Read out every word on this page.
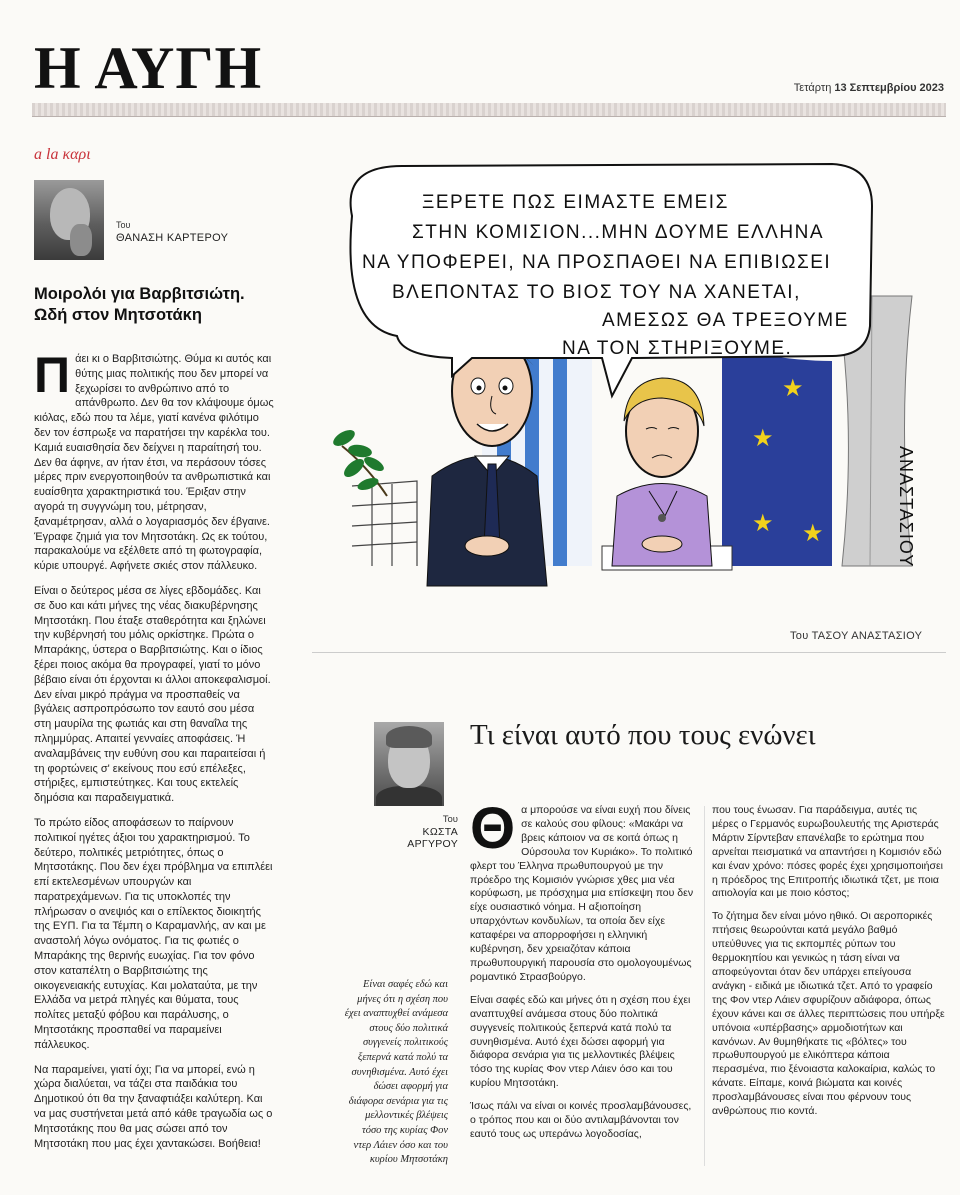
Η ΑΥΓΗ	Τετάρτη 13 Σεπτεμβρίου 2023
a la καρι
Του
ΘΑΝΑΣΗ ΚΑΡΤΕΡΟΥ
Μοιρολόι για Βαρβιτσιώτη. Ωδή στον Μητσοτάκη

Πάει κι ο Βαρβιτσιώτης. Θύμα κι αυτός και θύτης μιας πολιτικής που δεν μπορεί να ξεχωρίσει το ανθρώπινο από το απάνθρωπο. Δεν θα τον κλάψουμε όμως κιόλας, εδώ που τα λέμε, γιατί κανένα φιλότιμο δεν τον έσπρωξε να παρατήσει την καρέκλα του. Καμιά ευαισθησία δεν δείχνει η παραίτησή του. Δεν θα άφηνε, αν ήταν έτσι, να περάσουν τόσες μέρες πριν ενεργοποιηθούν τα ανθρωπιστικά και ευαίσθητα χαρακτηριστικά του. Έριξαν στην αγορά τη συγγνώμη του, μέτρησαν, ξαναμέτρησαν, αλλά ο λογαριασμός δεν έβγαινε. Έγραφε ζημιά για τον Μητσοτάκη. Ως εκ τούτου, παρακαλούμε να εξέλθετε από τη φωτογραφία, κύριε υπουργέ. Αφήνετε σκιές στον πάλλευκο.

Είναι ο δεύτερος μέσα σε λίγες εβδομάδες. Και σε δυο και κάτι μήνες της νέας διακυβέρνησης Μητσοτάκη. Που έταξε σταθερότητα και ξηλώνει την κυβέρνησή του μόλις ορκίστηκε. Πρώτα ο Μπαράκης, ύστερα ο Βαρβιτσιώτης. Και ο ίδιος ξέρει ποιος ακόμα θα προγραφεί, γιατί το μόνο βέβαιο είναι ότι έρχονται κι άλλοι αποκεφαλισμοί. Δεν είναι μικρό πράγμα να προσπαθείς να βγάλεις ασπροπρόσωπο τον εαυτό σου μέσα στη μαυρίλα της φωτιάς και στη θαναΐλα της πλημμύρας. Απαιτεί γενναίες αποφάσεις. Ή αναλαμβάνεις την ευθύνη σου και παραιτείσαι ή τη φορτώνεις σ' εκείνους που εσύ επέλεξες, στήριξες, εμπιστεύτηκες. Και τους εκτελείς δημόσια και παραδειγματικά.

Το πρώτο είδος αποφάσεων το παίρνουν πολιτικοί ηγέτες άξιοι του χαρακτηρισμού. Το δεύτερο, πολιτικές μετριότητες, όπως ο Μητσοτάκης. Που δεν έχει πρόβλημα να επιπλέει επί εκτελεσμένων υπουργών και παρατρεχάμενων. Για τις υποκλοπές την πλήρωσαν ο ανεψιός και ο επίλεκτος διοικητής της ΕΥΠ. Για τα Τέμπη ο Καραμανλής, αν και με αναστολή λόγω ονόματος. Για τις φωτιές ο Μπαράκης της θερινής ευωχίας. Για τον φόνο στον καταπέλτη ο Βαρβιτσιώτης της οικογενειακής ευτυχίας. Και μολαταύτα, με την Ελλάδα να μετρά πληγές και θύματα, τους πολίτες μεταξύ φόβου και παράλυσης, ο Μητσοτάκης προσπαθεί να παραμείνει πάλλευκος.

Να παραμείνει, γιατί όχι; Για να μπορεί, ενώ η χώρα διαλύεται, να τάζει στα παιδάκια του Δημοτικού ότι θα την ξαναφτιάξει καλύτερη. Και να μας συστήνεται μετά από κάθε τραγωδία ως ο Μητσοτάκης που θα μας σώσει από τον Μητσοτάκη που μας έχει χαντακώσει. Βοήθεια!

★
★
★ ★
ΞΕΡΕΤΕ ΠΩΣ ΕΙΜΑΣΤΕ ΕΜΕΙΣ
ΣΤΗΝ ΚΟΜΙΣΙΟΝ...ΜΗΝ ΔΟΥΜΕ ΕΛΛΗΝΑ
ΝΑ ΥΠΟΦΕΡΕΙ, ΝΑ ΠΡΟΣΠΑΘΕΙ ΝΑ ΕΠΙΒΙΩΣΕΙ
ΒΛΕΠΟΝΤΑΣ ΤΟ ΒΙΟΣ ΤΟΥ ΝΑ ΧΑΝΕΤΑΙ,
ΑΜΕΣΩΣ ΘΑ ΤΡΕΞΟΥΜΕ
ΝΑ ΤΟΝ ΣΤΗΡΙΞΟΥΜΕ.
ΑΝΑΣΤΑΣΙΟΥ
Του ΤΑΣΟΥ ΑΝΑΣΤΑΣΙΟΥ
Τι είναι αυτό που τους ενώνει
Του
ΚΩΣΤΑ
ΑΡΓΥΡΟΥ
Είναι σαφές εδώ και μήνες ότι η σχέση που έχει αναπτυχθεί ανάμεσα στους δύο πολιτικά συγγενείς πολιτικούς ξεπερνά κατά πολύ τα συνηθισμένα. Αυτό έχει δώσει αφορμή για διάφορα σενάρια για τις μελλοντικές βλέψεις τόσο της κυρίας Φον ντερ Λάιεν όσο και του κυρίου Μητσοτάκη

Θα μπορούσε να είναι ευχή που δίνεις σε καλούς σου φίλους: «Μακάρι να βρεις κάποιον να σε κοιτά όπως η Ούρσουλα τον Κυριάκο». Το πολιτικό φλερτ του Έλληνα πρωθυπουργού με την πρόεδρο της Κομισιόν γνώρισε χθες μια νέα κορύφωση, με πρόσχημα μια επίσκεψη που δεν είχε ουσιαστικό νόημα. Η αξιοποίηση υπαρχόντων κονδυλίων, τα οποία δεν είχε καταφέρει να απορροφήσει η ελληνική κυβέρνηση, δεν χρειαζόταν κάποια πρωθυπουργική παρουσία στο ομολογουμένως ρομαντικό Στρασβούργο.

Είναι σαφές εδώ και μήνες ότι η σχέση που έχει αναπτυχθεί ανάμεσα στους δύο πολιτικά συγγενείς πολιτικούς ξεπερνά κατά πολύ τα συνηθισμένα. Αυτό έχει δώσει αφορμή για διάφορα σενάρια για τις μελλοντικές βλέψεις τόσο της κυρίας Φον ντερ Λάιεν όσο και του κυρίου Μητσοτάκη.

Ίσως πάλι να είναι οι κοινές προσλαμβάνουσες, ο τρόπος που και οι δύο αντιλαμβάνονται τον εαυτό τους ως υπεράνω λογοδοσίας,

που τους ένωσαν. Για παράδειγμα, αυτές τις μέρες ο Γερμανός ευρωβουλευτής της Αριστεράς Μάρτιν Σίρντεβαν επανέλαβε το ερώτημα που αρνείται πεισματικά να απαντήσει η Κομισιόν εδώ και έναν χρόνο: πόσες φορές έχει χρησιμοποιήσει η πρόεδρος της Επιτροπής ιδιωτικά τζετ, με ποια αιτιολογία και με ποιο κόστος;

Το ζήτημα δεν είναι μόνο ηθικό. Οι αεροπορικές πτήσεις θεωρούνται κατά μεγάλο βαθμό υπεύθυνες για τις εκπομπές ρύπων του θερμοκηπίου και γενικώς η τάση είναι να αποφεύγονται όταν δεν υπάρχει επείγουσα ανάγκη - ειδικά με ιδιωτικά τζετ. Από το γραφείο της Φον ντερ Λάιεν σφυρίζουν αδιάφορα, όπως έχουν κάνει και σε άλλες περιπτώσεις που υπήρξε υπόνοια «υπέρβασης» αρμοδιοτήτων και κανόνων. Αν θυμηθήκατε τις «βόλτες» του πρωθυπουργού με ελικόπτερα κάποια περασμένα, πιο ξένοιαστα καλοκαίρια, καλώς το κάνατε. Είπαμε, κοινά βιώματα και κοινές προσλαμβάνουσες είναι που φέρνουν τους ανθρώπους πιο κοντά.
